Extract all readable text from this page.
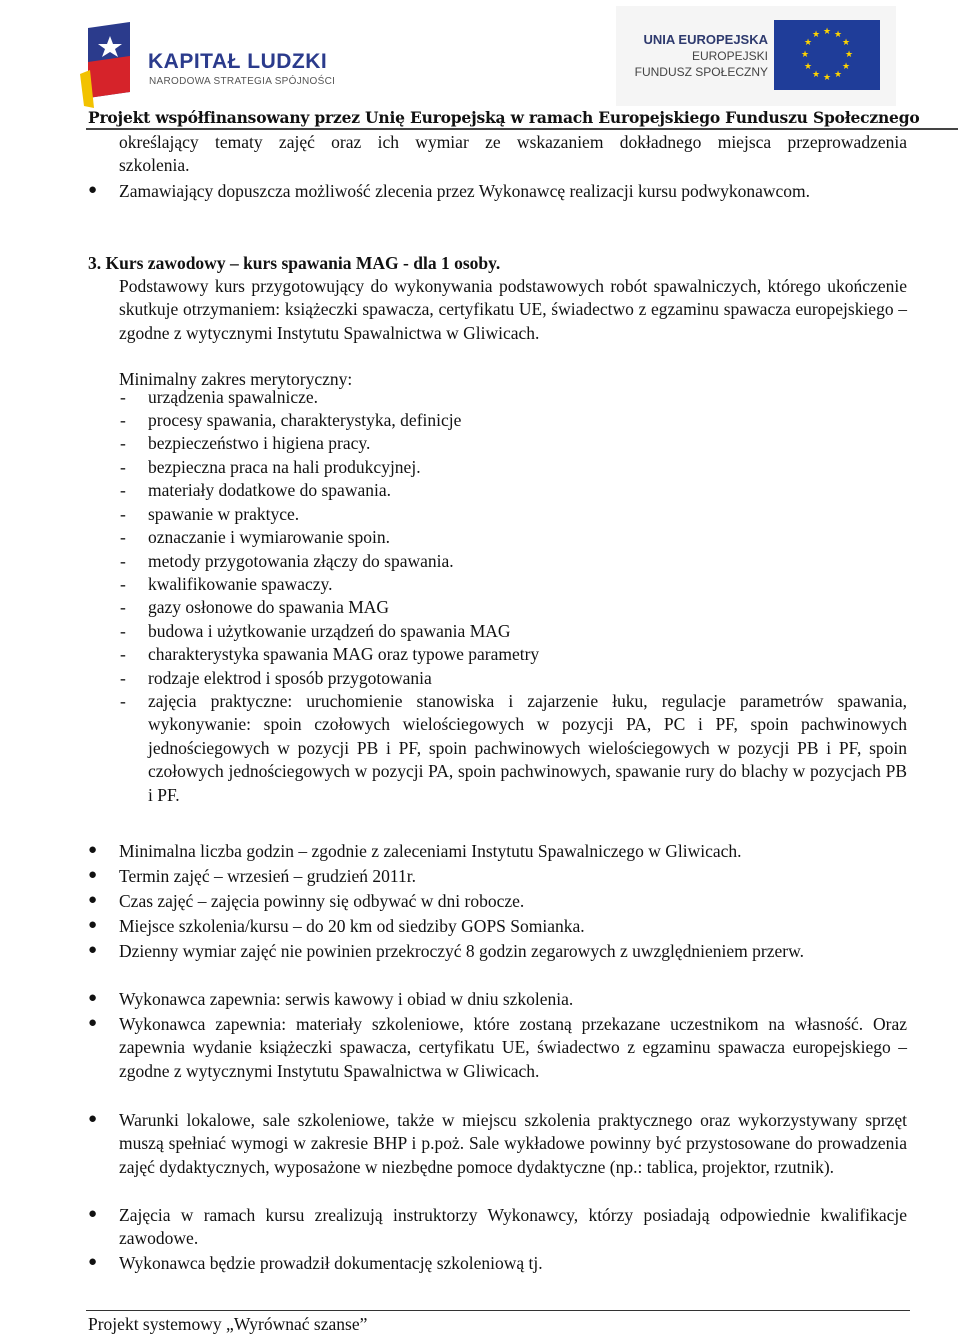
KAPITAŁ LUDZKI
NARODOWA STRATEGIA SPÓJNOŚCI
UNIA EUROPEJSKA
EUROPEJSKI
FUNDUSZ SPOŁECZNY
★ ★
★
★
★
★
★
★
★
★
★
★
Projekt współfinansowany przez Unię Europejską w ramach Europejskiego Funduszu Społecznego
określający tematy zajęć oraz ich wymiar ze wskazaniem dokładnego miejsca przeprowadzenia
szkolenia.
● Zamawiający dopuszcza możliwość zlecenia przez Wykonawcę realizacji kursu podwykonawcom.
3. Kurs zawodowy – kurs spawania MAG - dla 1 osoby.
Podstawowy kurs przygotowujący do wykonywania podstawowych robót spawalniczych, którego ukończenie skutkuje otrzymaniem: książeczki spawacza, certyfikatu UE, świadectwo z egzaminu spawacza europejskiego – zgodne z wytycznymi Instytutu Spawalnictwa w Gliwicach.
Minimalny zakres merytoryczny:
- urządzenia spawalnicze.
- procesy spawania, charakterystyka, definicje
- bezpieczeństwo i higiena pracy.
- bezpieczna praca na hali produkcyjnej.
- materiały dodatkowe do spawania.
- spawanie w praktyce.
- oznaczanie i wymiarowanie spoin.
- metody przygotowania złączy do spawania.
- kwalifikowanie spawaczy.
- gazy osłonowe do spawania MAG
- budowa i użytkowanie urządzeń do spawania MAG
- charakterystyka spawania MAG oraz typowe parametry
- rodzaje elektrod i sposób przygotowania
- zajęcia praktyczne: uruchomienie stanowiska i zajarzenie łuku, regulacje parametrów spawania, wykonywanie: spoin czołowych wielościegowych w pozycji PA, PC i PF, spoin pachwinowych jednościegowych w pozycji PB i PF, spoin pachwinowych wielościegowych w pozycji PB i PF, spoin czołowych jednościegowych w pozycji PA, spoin pachwinowych, spawanie rury do blachy w pozycjach PB i PF.
● Minimalna liczba godzin – zgodnie z zaleceniami Instytutu Spawalniczego w Gliwicach.
● Termin zajęć – wrzesień – grudzień 2011r.
● Czas zajęć – zajęcia powinny się odbywać w dni robocze.
● Miejsce szkolenia/kursu – do 20 km od siedziby GOPS Somianka.
● Dzienny wymiar zajęć nie powinien przekroczyć 8 godzin zegarowych z uwzględnieniem przerw.
● Wykonawca zapewnia: serwis kawowy i obiad w dniu szkolenia.
● Wykonawca zapewnia: materiały szkoleniowe, które zostaną przekazane uczestnikom na własność. Oraz zapewnia wydanie książeczki spawacza, certyfikatu UE, świadectwo z egzaminu spawacza europejskiego – zgodne z wytycznymi Instytutu Spawalnictwa w Gliwicach.
● Warunki lokalowe, sale szkoleniowe, także w miejscu szkolenia praktycznego oraz wykorzystywany sprzęt muszą spełniać wymogi w zakresie BHP i p.poż. Sale wykładowe powinny być przystosowane do prowadzenia zajęć dydaktycznych, wyposażone w niezbędne pomoce dydaktyczne (np.: tablica, projektor, rzutnik).
● Zajęcia w ramach kursu zrealizują instruktorzy Wykonawcy, którzy posiadają odpowiednie kwalifikacje zawodowe.
● Wykonawca będzie prowadził dokumentację szkoleniową tj.
Projekt systemowy „Wyrównać szanse”
